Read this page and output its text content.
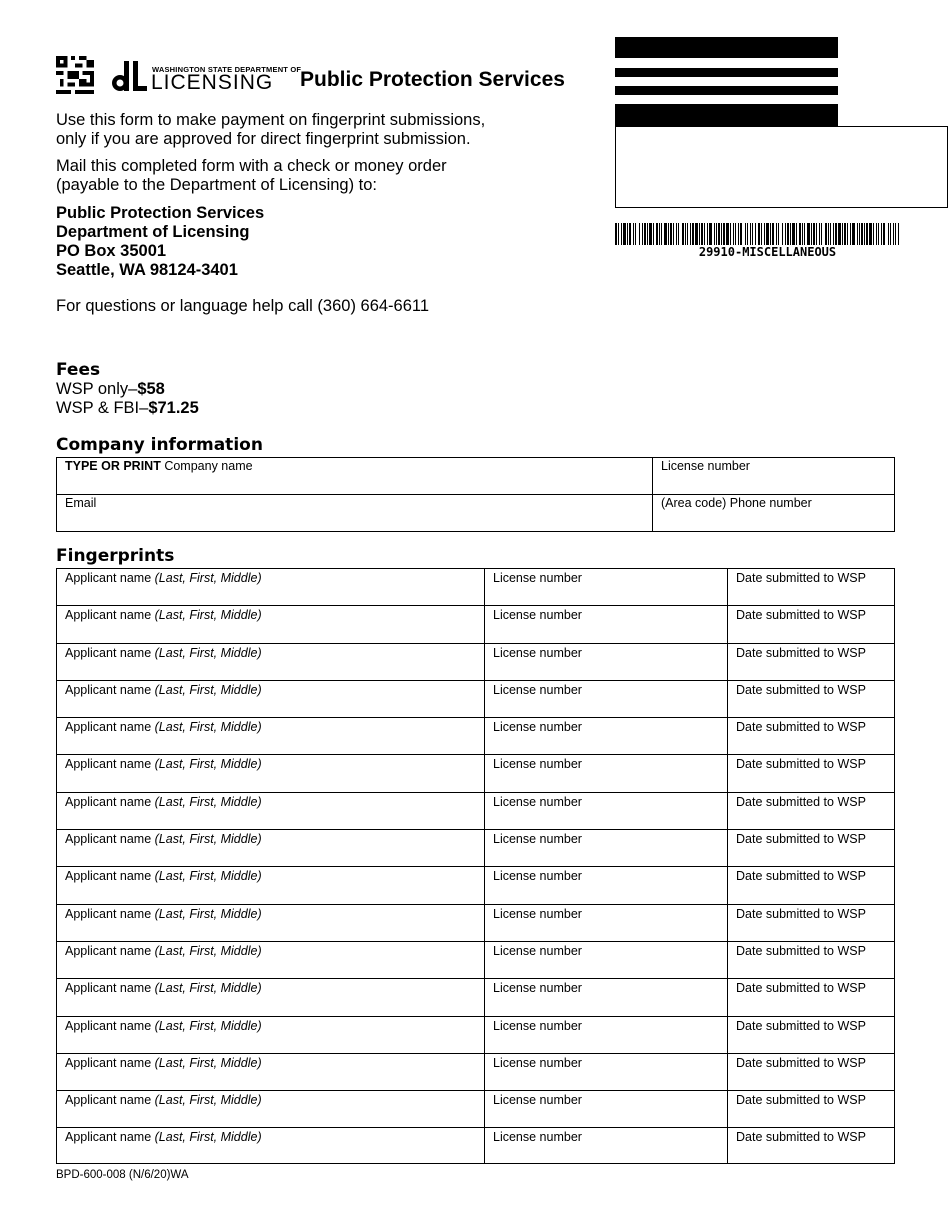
WASHINGTON STATE DEPARTMENT OF
LICENSING Public Protection Services
29910-MISCELLANEOUS
Use this form to make payment on fingerprint submissions,
only if you are approved for direct fingerprint submission.
Mail this completed form with a check or money order
(payable to the Department of Licensing) to:
Public Protection Services
Department of Licensing
PO Box 35001
Seattle, WA 98124-3401
For questions or language help call (360) 664-6611
Fees
WSP only–$58
WSP & FBI–$71.25
Company information
TYPE OR PRINT Company name	License number
Email	(Area code) Phone number
Fingerprints
Applicant name (Last, First, Middle)	License number	Date submitted to WSP
Applicant name (Last, First, Middle)	License number	Date submitted to WSP
Applicant name (Last, First, Middle)	License number	Date submitted to WSP
Applicant name (Last, First, Middle)	License number	Date submitted to WSP
Applicant name (Last, First, Middle)	License number	Date submitted to WSP
Applicant name (Last, First, Middle)	License number	Date submitted to WSP
Applicant name (Last, First, Middle)	License number	Date submitted to WSP
Applicant name (Last, First, Middle)	License number	Date submitted to WSP
Applicant name (Last, First, Middle)	License number	Date submitted to WSP
Applicant name (Last, First, Middle)	License number	Date submitted to WSP
Applicant name (Last, First, Middle)	License number	Date submitted to WSP
Applicant name (Last, First, Middle)	License number	Date submitted to WSP
Applicant name (Last, First, Middle)	License number	Date submitted to WSP
Applicant name (Last, First, Middle)	License number	Date submitted to WSP
Applicant name (Last, First, Middle)	License number	Date submitted to WSP
Applicant name (Last, First, Middle)	License number	Date submitted to WSP
BPD-600-008 (N/6/20)WA
